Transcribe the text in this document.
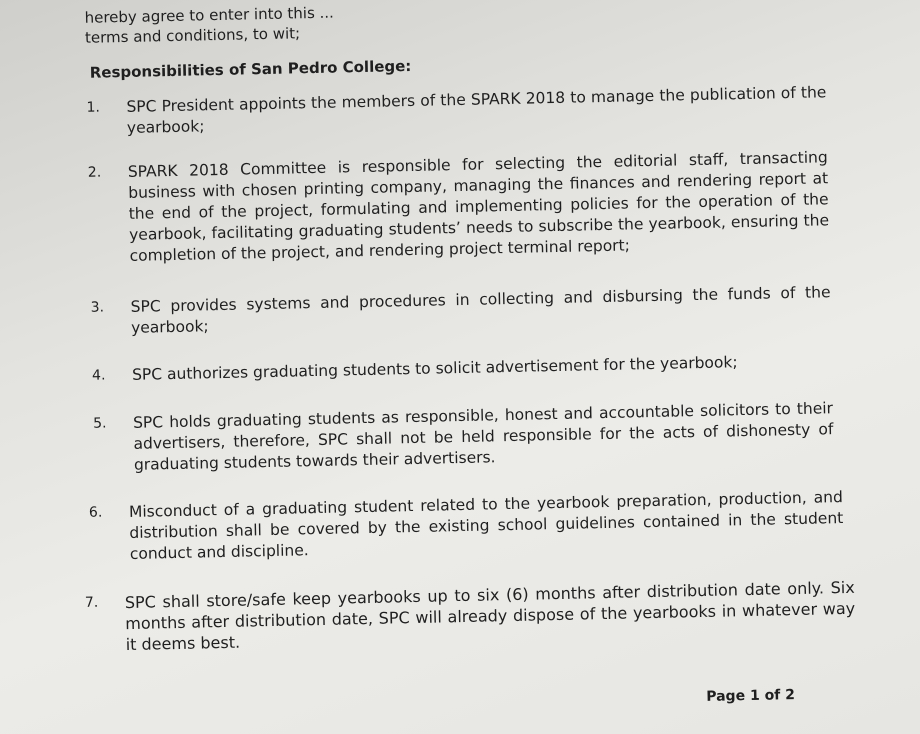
hereby agree to enter into this ...
terms and conditions, to wit;
Responsibilities of San Pedro College:
1.	SPC President appoints the members of the SPARK 2018 to manage the publication of the yearbook;
2.	SPARK 2018 Committee is responsible for selecting the editorial staff, transacting business with chosen printing company, managing the finances and rendering report at the end of the project, formulating and implementing policies for the operation of the yearbook, facilitating graduating students’ needs to subscribe the yearbook, ensuring the completion of the project, and rendering project terminal report;
3.	SPC provides systems and procedures in collecting and disbursing the funds of the yearbook;
4.	SPC authorizes graduating students to solicit advertisement for the yearbook;
5.	SPC holds graduating students as responsible, honest and accountable solicitors to their advertisers, therefore, SPC shall not be held responsible for the acts of dishonesty of graduating students towards their advertisers.
6.	Misconduct of a graduating student related to the yearbook preparation, production, and distribution shall be covered by the existing school guidelines contained in the student conduct and discipline.
7.	SPC shall store/safe keep yearbooks up to six (6) months after distribution date only. Six months after distribution date, SPC will already dispose of the yearbooks in whatever way it deems best.
Page 1 of 2
